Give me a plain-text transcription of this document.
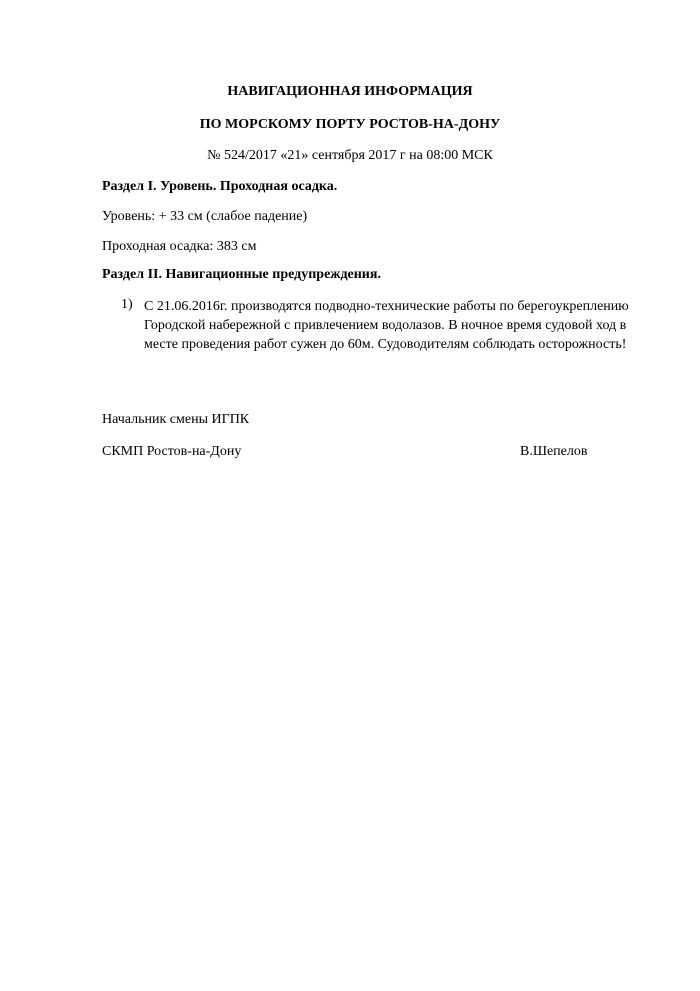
НАВИГАЦИОННАЯ ИНФОРМАЦИЯ
ПО МОРСКОМУ ПОРТУ РОСТОВ-НА-ДОНУ
№ 524/2017 «21» сентября 2017 г на 08:00 МСК
Раздел I. Уровень. Проходная осадка.
Уровень: + 33 см (слабое падение)
Проходная осадка: 383 см
Раздел II. Навигационные предупреждения.
1) С 21.06.2016г. производятся подводно-технические работы по берегоукреплению
Городской набережной с привлечением водолазов. В ночное время судовой ход в
месте проведения работ сужен до 60м. Судоводителям соблюдать осторожность!
Начальник смены ИГПК
СКМП Ростов-на-Дону	В.Шепелов
